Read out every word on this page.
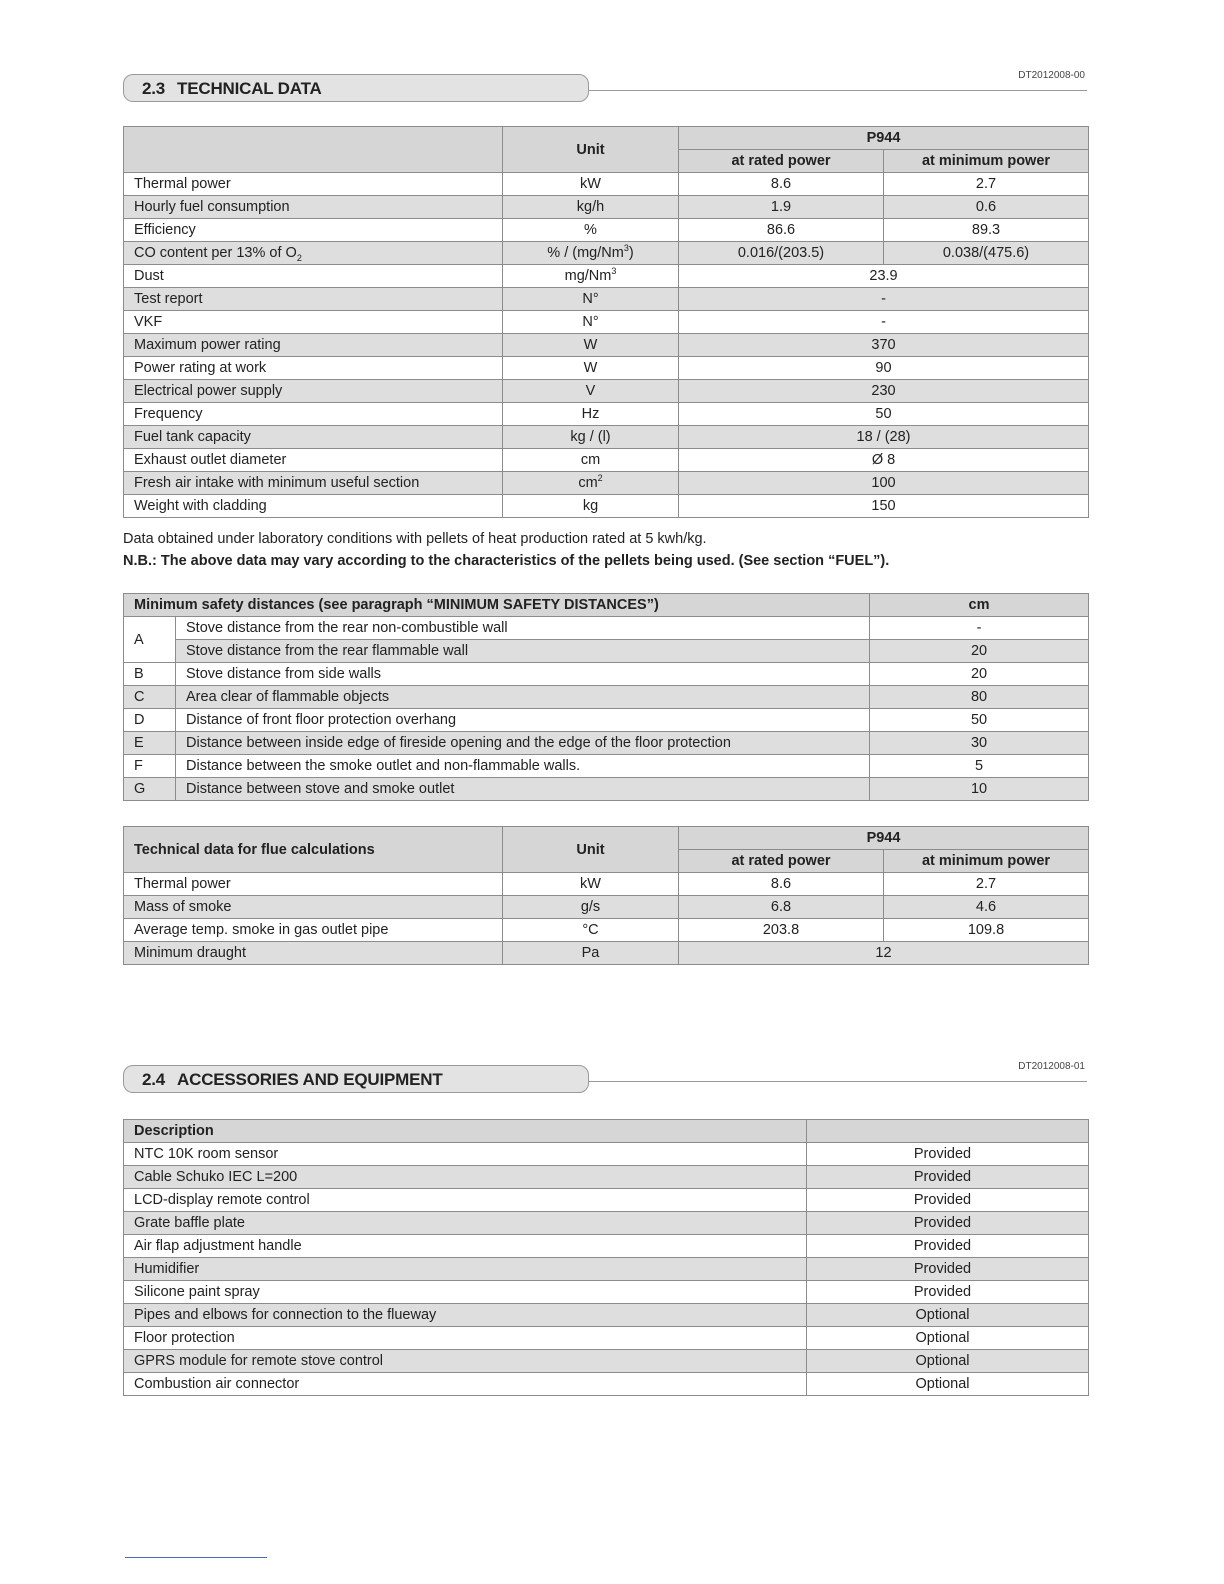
2.3 TECHNICAL DATA
DT2012008-00
	Unit	P944	
		at rated power	at minimum power
Thermal power	kW	8.6	2.7
Hourly fuel consumption	kg/h	1.9	0.6
Efficiency	%	86.6	89.3
CO content per 13% of $O_2$	% / (mg/Nm$^3$)	0.016/(203.5)	0.038/(475.6)
Dust	mg/Nm$^3$	23.9	
Test report	N°	-	
VKF	N°	-	
Maximum power rating	W	370	
Power rating at work	W	90	
Electrical power supply	V	230	
Frequency	Hz	50	
Fuel tank capacity	kg / (l)	18 / (28)	
Exhaust outlet diameter	cm	Ø 8	
Fresh air intake with minimum useful section	$cm^2$	100	
Weight with cladding	kg	150	
Data obtained under laboratory conditions with pellets of heat production rated at 5 kwh/kg.
N.B.: The above data may vary according to the characteristics of the pellets being used. (See section “FUEL”).
Minimum safety distances (see paragraph “MINIMUM SAFETY DISTANCES”)		cm
A	Stove distance from the rear non-combustible wall	-
	Stove distance from the rear flammable wall	20
B	Stove distance from side walls	20
C	Area clear of flammable objects	80
D	Distance of front floor protection overhang	50
E	Distance between inside edge of fireside opening and the edge of the floor protection	30
F	Distance between the smoke outlet and non-flammable walls.	5
G	Distance between stove and smoke outlet	10
Technical data for flue calculations	Unit	P944	
		at rated power	at minimum power
Thermal power	kW	8.6	2.7
Mass of smoke	g/s	6.8	4.6
Average temp. smoke in gas outlet pipe	°C	203.8	109.8
Minimum draught	Pa	12	
2.4 ACCESSORIES AND EQUIPMENT
DT2012008-01
Description	
NTC 10K room sensor	Provided
Cable Schuko IEC L=200	Provided
LCD-display remote control	Provided
Grate baffle plate	Provided
Air flap adjustment handle	Provided
Humidifier	Provided
Silicone paint spray	Provided
Pipes and elbows for connection to the flueway	Optional
Floor protection	Optional
GPRS module for remote stove control	Optional
Combustion air connector	Optional
